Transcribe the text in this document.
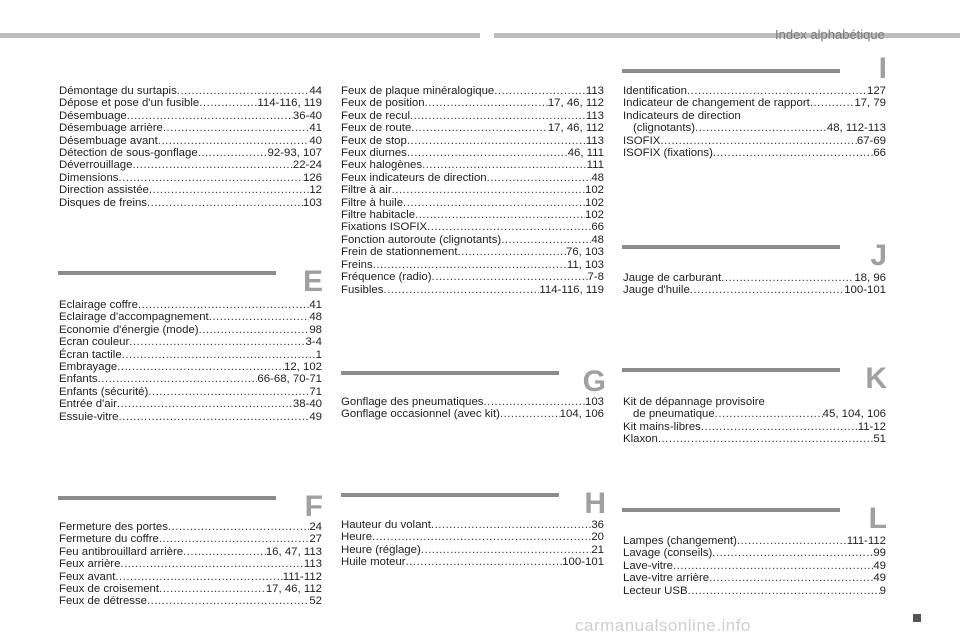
Index alphabétique
Démontage du surtapis .....	44
Dépose et pose d'un fusible .....	114-116, 119
Désembuage .....	36-40
Désembuage arrière .....	41
Désembuage avant .....	40
Détection de sous-gonflage .....	92-93, 107
Déverrouillage .....	22-24
Dimensions .....	126
Direction assistée .....	12
Disques de freins .....	103
E
Eclairage coffre .....	41
Eclairage d'accompagnement .....	48
Economie d'énergie (mode) .....	98
Ecran couleur .....	3-4
Écran tactile .....	1
Embrayage .....	12, 102
Enfants .....	66-68, 70-71
Enfants (sécurité) .....	71
Entrée d'air .....	38-40
Essuie-vitre .....	49
F
Fermeture des portes .....	24
Fermeture du coffre .....	27
Feu antibrouillard arrière .....	16, 47, 113
Feux arrière .....	113
Feux avant .....	111-112
Feux de croisement .....	17, 46, 112
Feux de détresse .....	52
Feux de plaque minéralogique .....	113
Feux de position .....	17, 46, 112
Feux de recul .....	113
Feux de route .....	17, 46, 112
Feux de stop .....	113
Feux diurnes .....	46, 111
Feux halogènes .....	111
Feux indicateurs de direction .....	48
Filtre à air .....	102
Filtre à huile .....	102
Filtre habitacle .....	102
Fixations ISOFIX .....	66
Fonction autoroute (clignotants) .....	48
Frein de stationnement .....	76, 103
Freins .....	11, 103
Fréquence (radio) .....	7-8
Fusibles .....	114-116, 119
G
Gonflage des pneumatiques .....	103
Gonflage occasionnel (avec kit) .....	104, 106
H
Hauteur du volant .....	36
Heure .....	20
Heure (réglage) .....	21
Huile moteur .....	100-101
I
Identification .....	127
Indicateur de changement de rapport .....	17, 79
Indicateurs de direction
(clignotants) .....	48, 112-113
ISOFIX .....	67-69
ISOFIX (fixations) .....	66
J
Jauge de carburant .....	18, 96
Jauge d'huile .....	100-101
K
Kit de dépannage provisoire
de pneumatique .....	45, 104, 106
Kit mains-libres .....	11-12
Klaxon .....	51
L
Lampes (changement) .....	111-112
Lavage (conseils) .....	99
Lave-vitre .....	49
Lave-vitre arrière .....	49
Lecteur USB .....	9
carmanualsonline.info
